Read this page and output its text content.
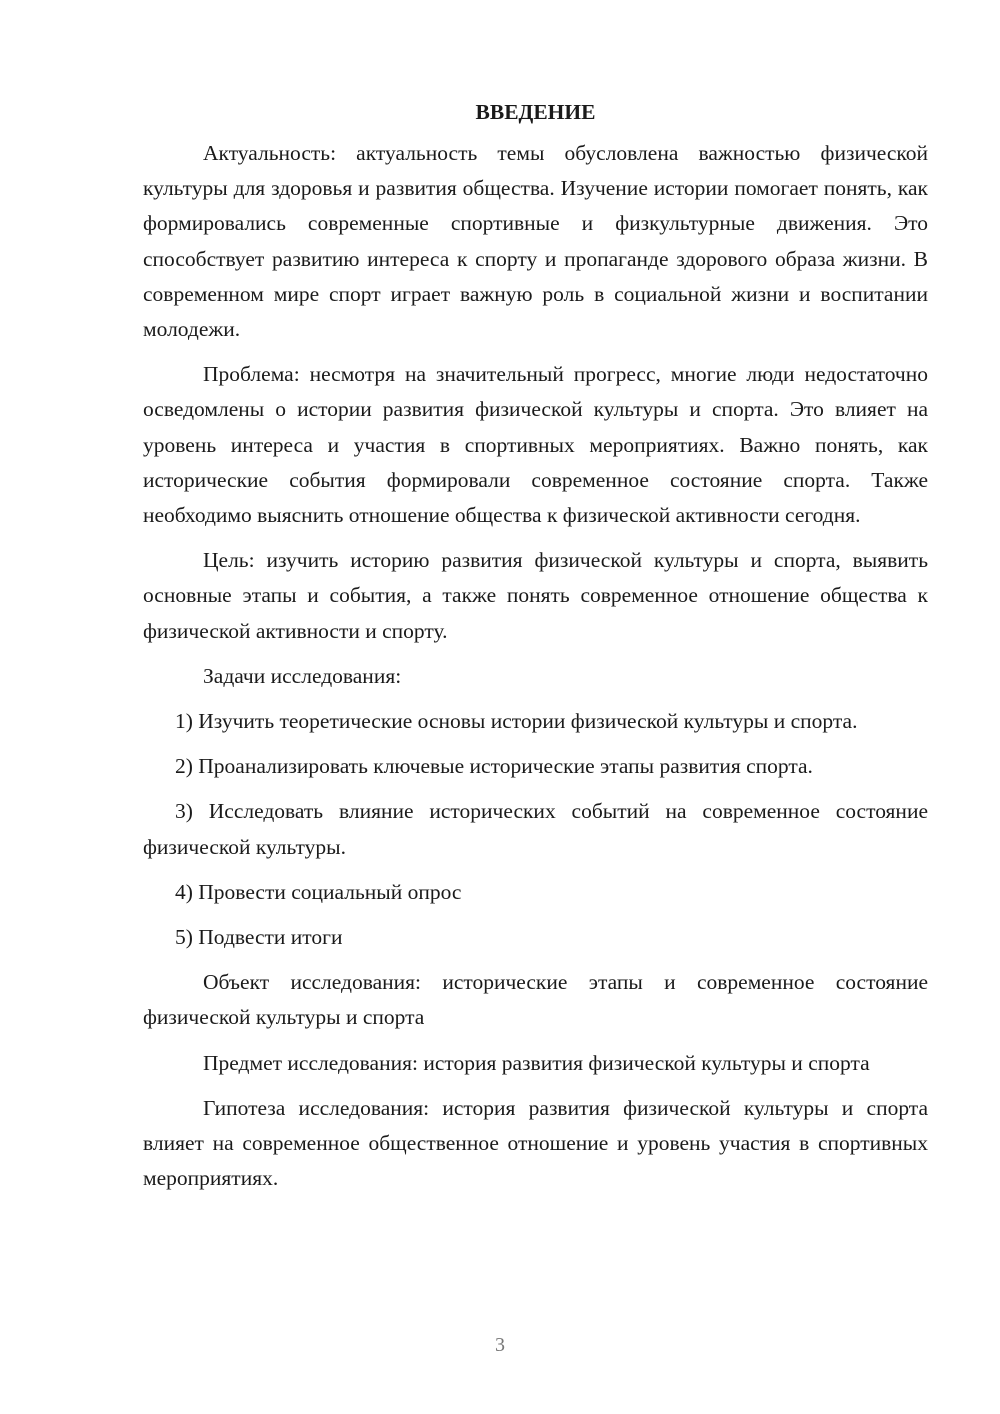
ВВЕДЕНИЕ

Актуальность: актуальность темы обусловлена важностью физической культуры для здоровья и развития общества. Изучение истории помогает понять, как формировались современные спортивные и физкультурные движения. Это способствует развитию интереса к спорту и пропаганде здорового образа жизни. В современном мире спорт играет важную роль в социальной жизни и воспитании молодежи.

Проблема: несмотря на значительный прогресс, многие люди недостаточно осведомлены о истории развития физической культуры и спорта. Это влияет на уровень интереса и участия в спортивных мероприятиях. Важно понять, как исторические события формировали современное состояние спорта. Также необходимо выяснить отношение общества к физической активности сегодня.

Цель: изучить историю развития физической культуры и спорта, выявить основные этапы и события, а также понять современное отношение общества к физической активности и спорту.

Задачи исследования:

1) Изучить теоретические основы истории физической культуры и спорта.

2) Проанализировать ключевые исторические этапы развития спорта.

3) Исследовать влияние исторических событий на современное состояние физической культуры.

4) Провести социальный опрос

5) Подвести итоги

Объект исследования: исторические этапы и современное состояние физической культуры и спорта

Предмет исследования: история развития физической культуры и спорта

Гипотеза исследования: история развития физической культуры и спорта влияет на современное общественное отношение и уровень участия в спортивных мероприятиях.

3
